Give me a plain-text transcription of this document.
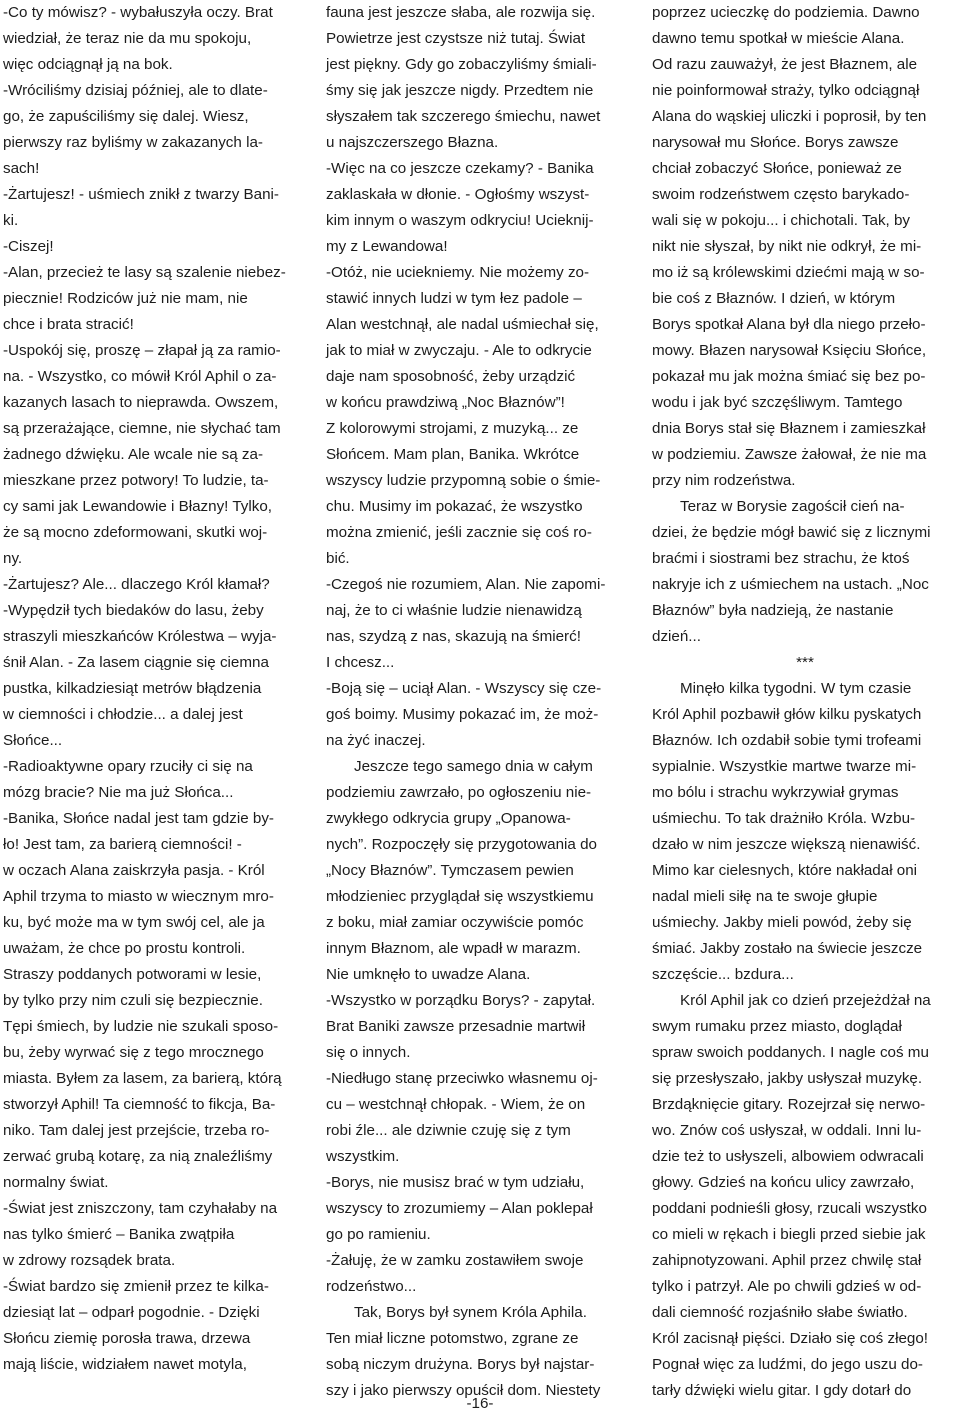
-Co ty mówisz? - wybałuszyła oczy. Brat
wiedział, że teraz nie da mu spokoju,
więc odciągnął ją na bok.
-Wróciliśmy dzisiaj później, ale to dlate-
go, że zapuściliśmy się dalej. Wiesz,
pierwszy raz byliśmy w zakazanych la-
sach!
-Żartujesz! - uśmiech znikł z twarzy Bani-
ki.
-Ciszej!
-Alan, przecież te lasy są szalenie niebez-
piecznie! Rodziców już nie mam, nie
chce i brata stracić!
-Uspokój się, proszę – złapał ją za ramio-
na. - Wszystko, co mówił Król Aphil o za-
kazanych lasach to nieprawda. Owszem,
są przerażające, ciemne, nie słychać tam
żadnego dźwięku. Ale wcale nie są za-
mieszkane przez potwory! To ludzie, ta-
cy sami jak Lewandowie i Błazny! Tylko,
że są mocno zdeformowani, skutki woj-
ny.
-Żartujesz? Ale... dlaczego Król kłamał?
-Wypędził tych biedaków do lasu, żeby
straszyli mieszkańców Królestwa – wyja-
śnił Alan. - Za lasem ciągnie się ciemna
pustka, kilkadziesiąt metrów błądzenia
w ciemności i chłodzie... a dalej jest
Słońce...
-Radioaktywne opary rzuciły ci się na
mózg bracie? Nie ma już Słońca...
-Banika, Słońce nadal jest tam gdzie by-
ło! Jest tam, za barierą ciemności! -
w oczach Alana zaiskrzyła pasja. - Król
Aphil trzyma to miasto w wiecznym mro-
ku, być może ma w tym swój cel, ale ja
uważam, że chce po prostu kontroli.
Straszy poddanych potworami w lesie,
by tylko przy nim czuli się bezpiecznie.
Tępi śmiech, by ludzie nie szukali sposo-
bu, żeby wyrwać się z tego mrocznego
miasta. Byłem za lasem, za barierą, którą
stworzył Aphil! Ta ciemność to fikcja, Ba-
niko. Tam dalej jest przejście, trzeba ro-
zerwać grubą kotarę, za nią znaleźliśmy
normalny świat.
-Świat jest zniszczony, tam czyhałaby na
nas tylko śmierć – Banika zwątpiła
w zdrowy rozsądek brata.
-Świat bardzo się zmienił przez te kilka-
dziesiąt lat – odparł pogodnie. - Dzięki
Słońcu ziemię porosła trawa, drzewa
mają liście, widziałem nawet motyla,
fauna jest jeszcze słaba, ale rozwija się.
Powietrze jest czystsze niż tutaj. Świat
jest piękny. Gdy go zobaczyliśmy śmiali-
śmy się jak jeszcze nigdy. Przedtem nie
słyszałem tak szczerego śmiechu, nawet
u najszczerszego Błazna.
-Więc na co jeszcze czekamy? - Banika
zaklaskała w dłonie. - Ogłośmy wszyst-
kim innym o waszym odkryciu! Ucieknij-
my z Lewandowa!
-Otóż, nie uciekniemy. Nie możemy zo-
stawić innych ludzi w tym łez padole –
Alan westchnął, ale nadal uśmiechał się,
jak to miał w zwyczaju. - Ale to odkrycie
daje nam sposobność, żeby urządzić
w końcu prawdziwą „Noc Błaznów”!
Z kolorowymi strojami, z muzyką... ze
Słońcem. Mam plan, Banika. Wkrótce
wszyscy ludzie przypomną sobie o śmie-
chu. Musimy im pokazać, że wszystko
można zmienić, jeśli zacznie się coś ro-
bić.
-Czegoś nie rozumiem, Alan. Nie zapomi-
naj, że to ci właśnie ludzie nienawidzą
nas, szydzą z nas, skazują na śmierć!
I chcesz...
-Boją się – uciął Alan. - Wszyscy się cze-
goś boimy. Musimy pokazać im, że moż-
na żyć inaczej.
Jeszcze tego samego dnia w całym
podziemiu zawrzało, po ogłoszeniu nie-
zwykłego odkrycia grupy „Opanowa-
nych”. Rozpoczęły się przygotowania do
„Nocy Błaznów”. Tymczasem pewien
młodzieniec przyglądał się wszystkiemu
z boku, miał zamiar oczywiście pomóc
innym Błaznom, ale wpadł w marazm.
Nie umknęło to uwadze Alana.
-Wszystko w porządku Borys? - zapytał.
Brat Baniki zawsze przesadnie martwił
się o innych.
-Niedługo stanę przeciwko własnemu oj-
cu – westchnął chłopak. - Wiem, że on
robi źle... ale dziwnie czuję się z tym
wszystkim.
-Borys, nie musisz brać w tym udziału,
wszyscy to zrozumiemy – Alan poklepał
go po ramieniu.
-Żałuję, że w zamku zostawiłem swoje
rodzeństwo...
Tak, Borys był synem Króla Aphila.
Ten miał liczne potomstwo, zgrane ze
sobą niczym drużyna. Borys był najstar-
szy i jako pierwszy opuścił dom. Niestety
poprzez ucieczkę do podziemia. Dawno
dawno temu spotkał w mieście Alana.
Od razu zauważył, że jest Błaznem, ale
nie poinformował straży, tylko odciągnął
Alana do wąskiej uliczki i poprosił, by ten
narysował mu Słońce. Borys zawsze
chciał zobaczyć Słońce, ponieważ ze
swoim rodzeństwem często barykado-
wali się w pokoju... i chichotali. Tak, by
nikt nie słyszał, by nikt nie odkrył, że mi-
mo iż są królewskimi dziećmi mają w so-
bie coś z Błaznów. I dzień, w którym
Borys spotkał Alana był dla niego przeło-
mowy. Błazen narysował Księciu Słońce,
pokazał mu jak można śmiać się bez po-
wodu i jak być szczęśliwym. Tamtego
dnia Borys stał się Błaznem i zamieszkał
w podziemiu. Zawsze żałował, że nie ma
przy nim rodzeństwa.
Teraz w Borysie zagościł cień na-
dziei, że będzie mógł bawić się z licznymi
braćmi i siostrami bez strachu, że ktoś
nakryje ich z uśmiechem na ustach. „Noc
Błaznów” była nadzieją, że nastanie
dzień...
***
Minęło kilka tygodni. W tym czasie
Król Aphil pozbawił głów kilku pyskatych
Błaznów. Ich ozdabił sobie tymi trofeami
sypialnie. Wszystkie martwe twarze mi-
mo bólu i strachu wykrzywiał grymas
uśmiechu. To tak drażniło Króla. Wzbu-
dzało w nim jeszcze większą nienawiść.
Mimo kar cielesnych, które nakładał oni
nadal mieli siłę na te swoje głupie
uśmiechy. Jakby mieli powód, żeby się
śmiać. Jakby zostało na świecie jeszcze
szczęście... bzdura...
Król Aphil jak co dzień przejeżdżał na
swym rumaku przez miasto, doglądał
spraw swoich poddanych. I nagle coś mu
się przesłyszało, jakby usłyszał muzykę.
Brzdąknięcie gitary. Rozejrzał się nerwo-
wo. Znów coś usłyszał, w oddali. Inni lu-
dzie też to usłyszeli, albowiem odwracali
głowy. Gdzieś na końcu ulicy zawrzało,
poddani podnieśli głosy, rzucali wszystko
co mieli w rękach i biegli przed siebie jak
zahipnotyzowani. Aphil przez chwilę stał
tylko i patrzył. Ale po chwili gdzieś w od-
dali ciemność rozjaśniło słabe światło.
Król zacisnął pięści. Działo się coś złego!
Pognał więc za ludźmi, do jego uszu do-
tarły dźwięki wielu gitar. I gdy dotarł do
-16-
